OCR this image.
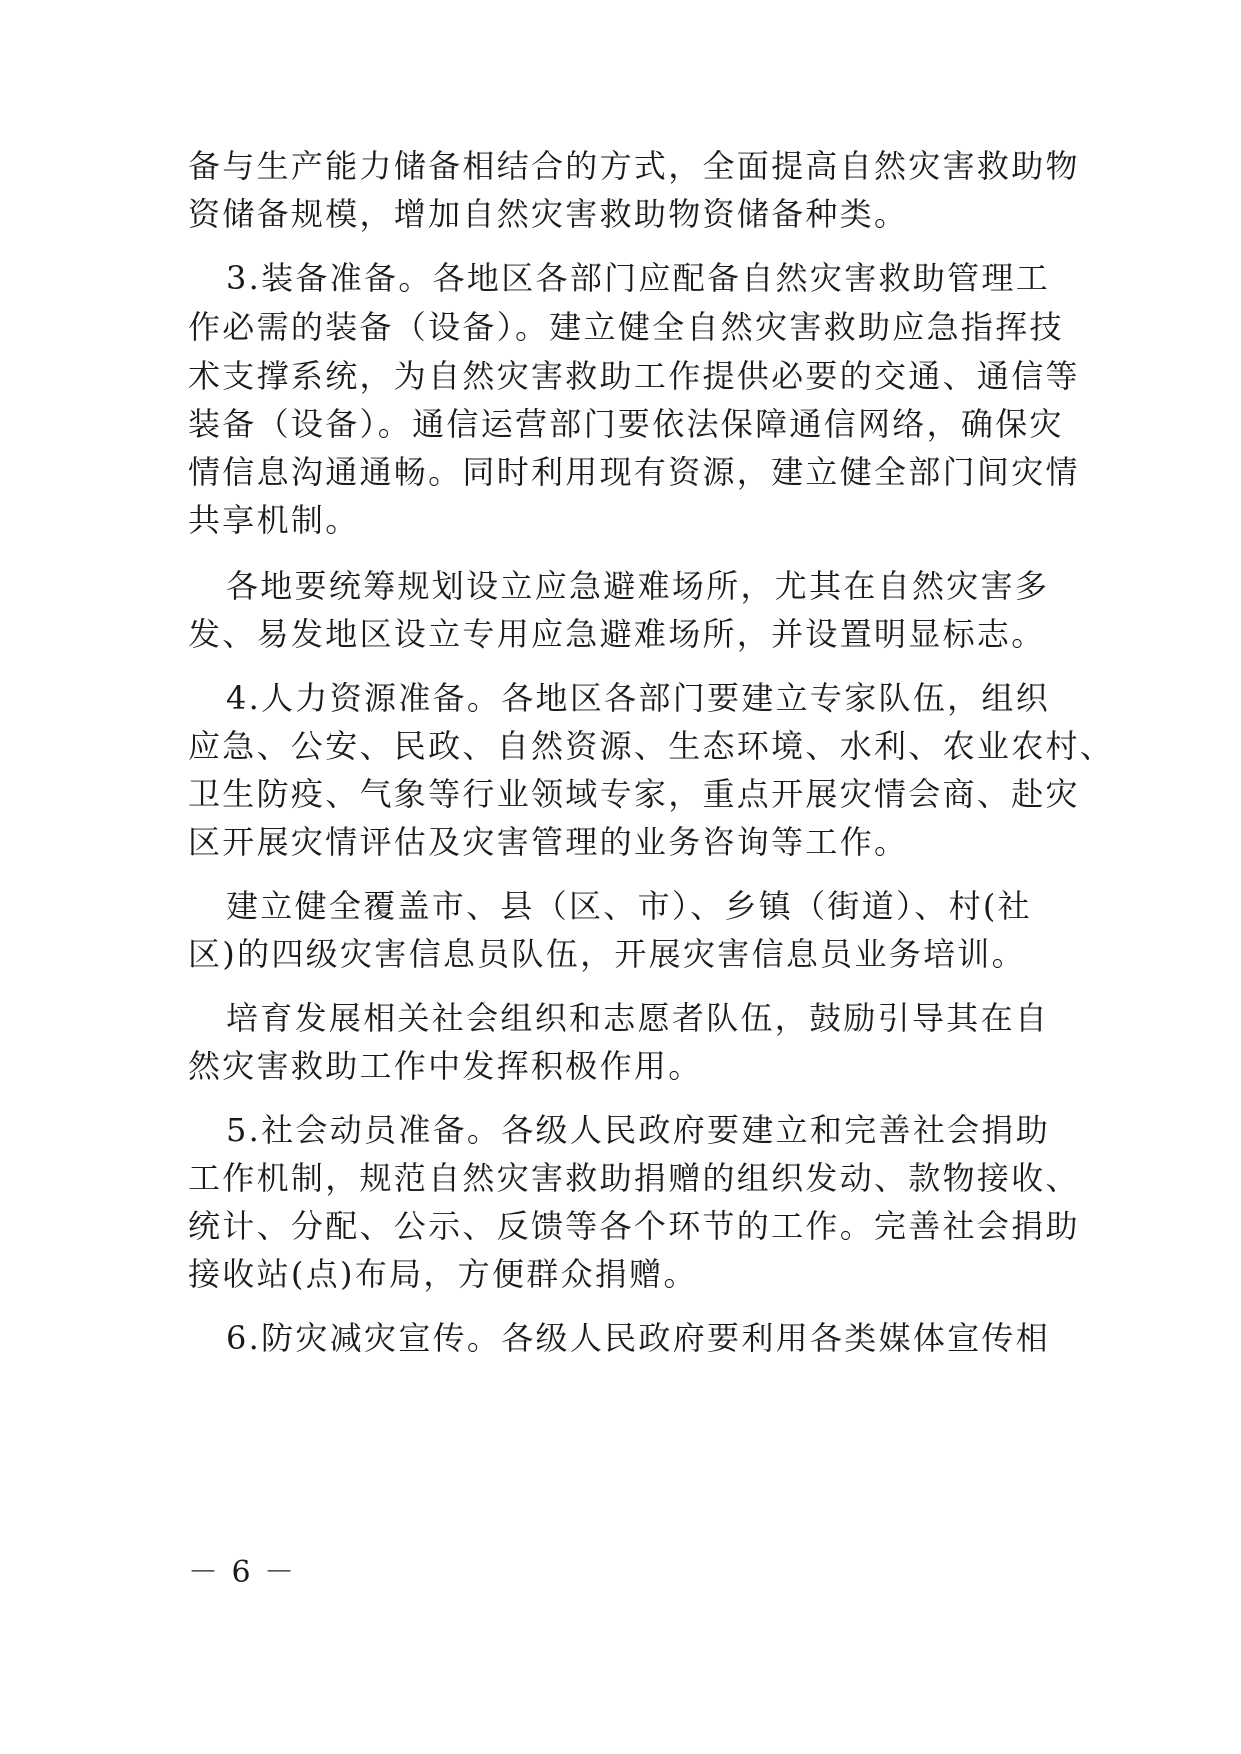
备与生产能力储备相结合的方式，全面提高自然灾害救助物
资储备规模，增加自然灾害救助物资储备种类。
3.装备准备。各地区各部门应配备自然灾害救助管理工
作必需的装备（设备）。建立健全自然灾害救助应急指挥技
术支撑系统，为自然灾害救助工作提供必要的交通、通信等
装备（设备）。通信运营部门要依法保障通信网络，确保灾
情信息沟通通畅。同时利用现有资源，建立健全部门间灾情
共享机制。
各地要统筹规划设立应急避难场所，尤其在自然灾害多
发、易发地区设立专用应急避难场所，并设置明显标志。
4.人力资源准备。各地区各部门要建立专家队伍，组织
应急、公安、民政、自然资源、生态环境、水利、农业农村、
卫生防疫、气象等行业领域专家，重点开展灾情会商、赴灾
区开展灾情评估及灾害管理的业务咨询等工作。
建立健全覆盖市、县（区、市）、乡镇（街道）、村(社
区)的四级灾害信息员队伍，开展灾害信息员业务培训。
培育发展相关社会组织和志愿者队伍，鼓励引导其在自
然灾害救助工作中发挥积极作用。
5.社会动员准备。各级人民政府要建立和完善社会捐助
工作机制，规范自然灾害救助捐赠的组织发动、款物接收、
统计、分配、公示、反馈等各个环节的工作。完善社会捐助
接收站(点)布局，方便群众捐赠。
6.防灾减灾宣传。各级人民政府要利用各类媒体宣传相
－ 6 －
